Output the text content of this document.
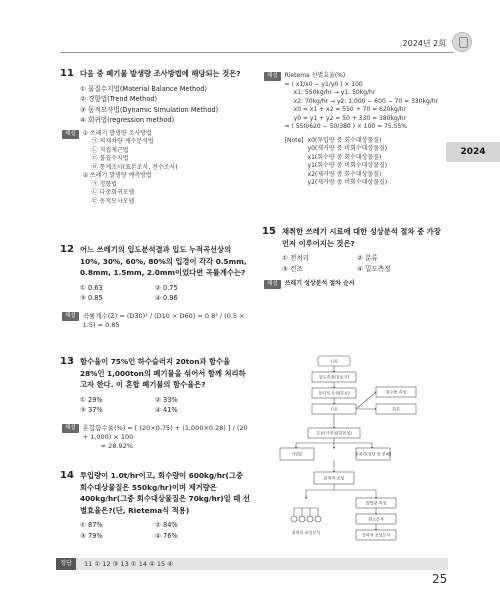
2024년 2회
2024
11 다음 중 폐기물 발생량 조사방법에 해당되는 것은?
① 물질수지법(Material Balance Method)
② 경향법(Trend Method)
③ 동적모사법(Dynamic Simulation Method)
④ 회귀법(regression method)
해설	① 쓰레기 발생량 조사방법
㉠ 적재차량 계수분석법
㉡ 직접계근법
㉢ 물질수지법
㉣ 통계조사(표본조사, 전수조사)
② 쓰레기 발생량 예측방법
㉠ 경향법
㉡ 다중회귀모델
㉢ 동적모사모델
12 어느 쓰레기의 입도분석결과 입도 누적곡선상의 10%, 30%, 60%, 80%의 입경이 각각 0.5mm, 0.8mm, 1.5mm, 2.0mm이었다면 곡률계수는?
① 0.63	② 0.75
③ 0.85	④ 0.96
해설	곡률계수(Z) = (D30)² / (D10 × D60) = 0.8² / (0.5 × 1.5) = 0.85
13 함수율이 75%인 하수슬러지 20ton과 함수율 28%인 1,000ton의 폐기물을 섞어서 함께 처리하고자 한다. 이 혼합 폐기물의 함수율은?
① 29%	② 33%
③ 37%	④ 41%
해설	혼합함수율(%) = [ (20×0.75) + (1,000×0.28) ] / (20 + 1,000) × 100
= 28.92%
14 투입량이 1.0t/hr이고, 회수량이 600kg/hr(그중 회수대상물질은 550kg/hr)이며 제거량은 400kg/hr(그중 회수대상물질은 70kg/hr)일 때 선별효율은?(단, Rietema식 적용)
① 87%	② 84%
③ 79%	④ 76%
해설	Rietema 선별효율(%)
= ( x1/x0 − y1/y0 ) × 100
x1: 550kg/hr → y1: 50kg/hr
x2: 70kg/hr → y2: 1,000 − 600 − 70 = 330kg/hr
x0 = x1 + x2 = 550 + 70 = 620kg/hr
y0 = y1 + y2 = 50 + 330 = 380kg/hr
= ( 550/620 − 50/380 ) × 100 = 75.55%
[Note] x0(투입량 중 회수대상물질)
y0(제거량 중 비회수대상물질)
x1(회수량 중 회수대상물질)
y1(회수량 중 비회수대상물질)
x2(제거량 중 회수대상물질)
y2(제거량 중 비회수대상물질)
15 채취한 쓰레기 시료에 대한 성상분석 절차 중 가장 먼저 이루어지는 것은?
① 전처리	② 분류
③ 건조	④ 밀도측정
해설	쓰레기 성상분석 절차 순서
시료
밀도측정(겉보기)
물리적 조성(분류)
건조
함수율 측정
회분
분류(가연성/불연성)
가연분	전처리(절단 및 분쇄)
화학적 조성
발열량 측정
원소분석
물리적 조성분석
화학적 조성분석
정답	11 ① 12 ③ 13 ① 14 ④ 15 ④
25
